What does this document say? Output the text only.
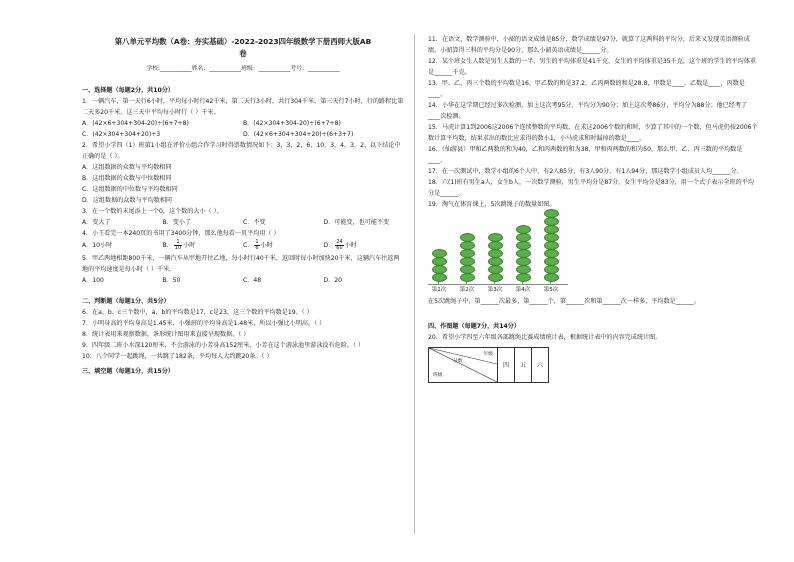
第八单元平均数（A卷：夯实基础）-2022-2023四年级数学下册西师大版AB
卷
学校:___________姓名：___________班级：___________考号：___________
一、选择题（每题2分，共10分）

1．一辆汽车，第一天行6小时，平均每小时行42千米，第二天行3小时，共行304千米，第三天行7小时，行的路程比第二天多20千米。这三天中平均每小时行（ ）千米。

A．(42×6+304+304-20)÷(6+7+8)	B．(42×304+304-20)÷(6+7+8)
C．(42×304+304+20)÷3	D．(42×6+304+304+20)÷(6+3+7)

2．希望小学四（1）班第1小组在评价小组合作学习时得票数情况如下：3，3，2，6，10，3，4，3，2，以下结论中正确的是（ ）。

A．这组数据的众数与平均数相同
B．这组数据的众数与中位数相同
C．这组数据的中位数与平均数相同
D．这组数据的众数与平均数相同

3．在一个数的末尾添上一个0，这个数的大小（ ）。

A．变大了	B．变小了	C．不变	D．可能变，也可能不变

4．小王看完一本240页的书用了3400分钟，那么他每看一页平均用（ ）

A．10小时	B． $\frac{1}{10}$ 小时	C． $\frac{1}{6}$ 小时	D． $\frac{24}{60}$ 小时

5．甲乙两地相距800千米，一辆汽车从甲地开往乙地，每小时行40千米，返回时每小时加快20千米，这辆汽车往返两地的平均速度是每小时（ ）千米。

A．100	B．50	C．48	D．20
二、判断题（每题1分，共5分）

6．在a、b、c三个数中，a、b的平均数是17，c是23，这三个数的平均数是19。（ ）

7．小明身高的平均身高是1.45米，小强班的平均身高是1.48米，所以小强比小明高。（ ）

8．统计表用来观察数据，条形统计图用来直接呈现数据。（ ）

9．四年级二班小水深120厘米，不会游泳的小芳身高152厘米，小芳在这个游泳池里游泳没有危险。（ ）

10．八个同学一起跳绳，一共跳了182条，平均每人大约跳20条。（ ）

三、填空题（每题1分，共15分）

11．在语文、数学测验中，小韶的语文成绩是85分，数学成绩是97分，就算了这两科的平均分，后来又发现英语测验成绩，小韶算得三科的平均分是90分，那么小韶英语成绩是______分。

12．某个班女生人数是男生人数的一半，男生的平均体重是41千克，女生的平均体重是35千克，这个班的学生的平均体重是______千克。

13．甲、乙、丙三个数的平均数是16，甲乙数的和是37.2，乙丙两数的和是28.8，甲数是____，乙数是____，丙数是____。

14．小华在这学期已经过多次检测，加上这次考95分，平均分为90分；加上这次考86分，平均分为88分；他已经考了____次检测。

15．马虎计算1到2006这2006个连续整数的平均数，在求这2006个数的和时，少算了其中的一个数，但马虎仍按2006个数计算平均数，结果求出的数比应求得的数小1，小马虎求和时漏掉的数是____。

16．（仙游县）甲和乙两数的和为40，乙和丙两数的和为38，甲和丙两数的和为50，那么甲、乙、丙三数的平均数是____。

17．在一次测试中，数学小组的6个人中，有2人85分，有3人90分，有1人94分，那这数学小组成员人均______分。

18．六(1)班有男生a人，女生b人，一次数学测验，男生平均分是87分，女生平均分是83分，用一个式子表示全班的平均分是______。

19．淘气在体育课上，5次跳绳子的数量如图。

第1次	第2次	第3次	第4次	第5次

在5次跳绳子中，第______次最多，第______个，第______次和第______次一样多，平均数是______。

四、作图题（每题7分，共14分）

20．希望小学四至六年级各部跳绳比赛成绩统计表，根据统计表中的内容完成统计图。

年级
分数
班级
	四	五	六
